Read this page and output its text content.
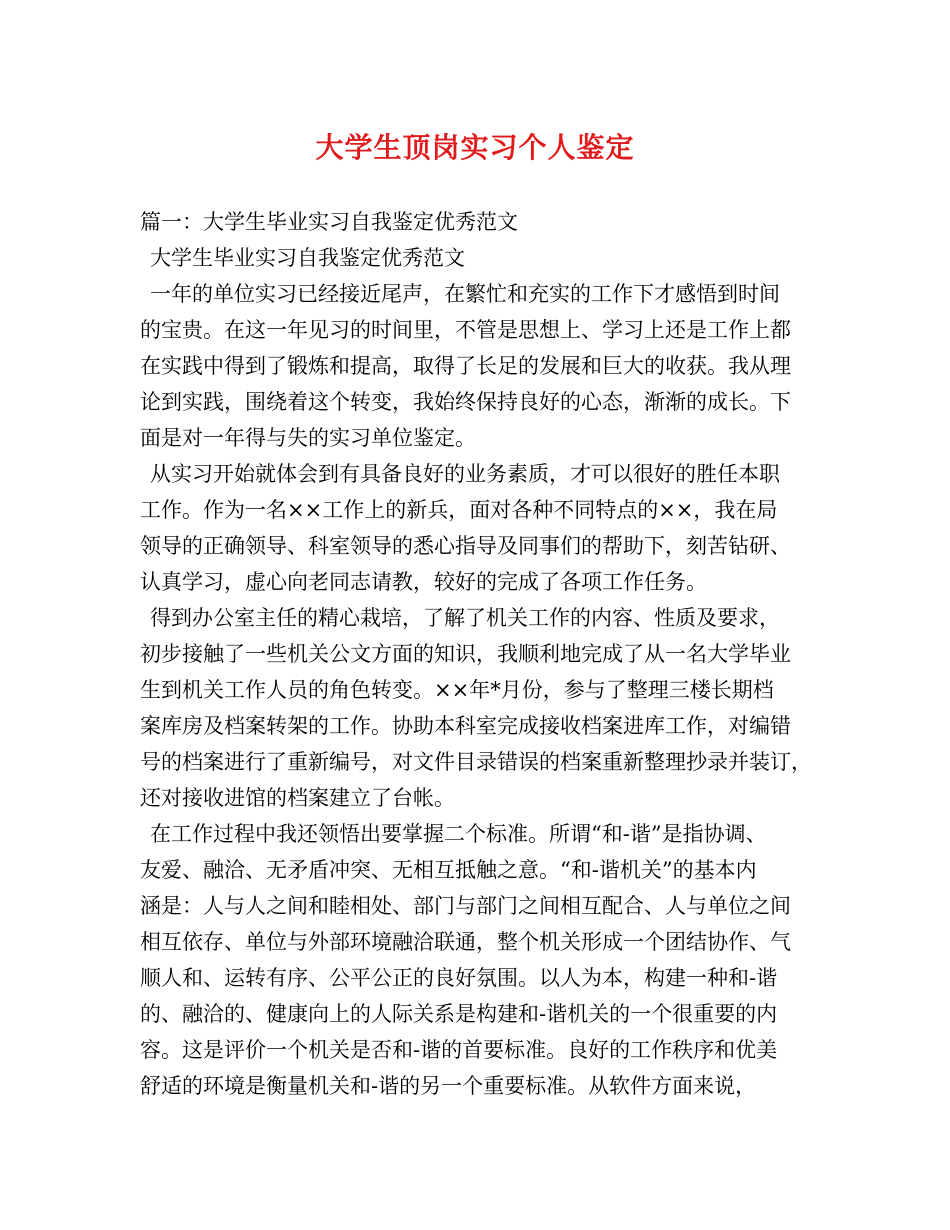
大学生顶岗实习个人鉴定
篇一：大学生毕业实习自我鉴定优秀范文
大学生毕业实习自我鉴定优秀范文
一年的单位实习已经接近尾声，在繁忙和充实的工作下才感悟到时间
的宝贵。在这一年见习的时间里，不管是思想上、学习上还是工作上都
在实践中得到了锻炼和提高，取得了长足的发展和巨大的收获。我从理
论到实践，围绕着这个转变，我始终保持良好的心态，渐渐的成长。下
面是对一年得与失的实习单位鉴定。
从实习开始就体会到有具备良好的业务素质，才可以很好的胜任本职
工作。作为一名××工作上的新兵，面对各种不同特点的××，我在局
领导的正确领导、科室领导的悉心指导及同事们的帮助下，刻苦钻研、
认真学习，虚心向老同志请教，较好的完成了各项工作任务。
得到办公室主任的精心栽培，了解了机关工作的内容、性质及要求，
初步接触了一些机关公文方面的知识，我顺利地完成了从一名大学毕业
生到机关工作人员的角色转变。××年*月份，参与了整理三楼长期档
案库房及档案转架的工作。协助本科室完成接收档案进库工作，对编错
号的档案进行了重新编号，对文件目录错误的档案重新整理抄录并装订，
还对接收进馆的档案建立了台帐。
在工作过程中我还领悟出要掌握二个标准。所谓“和-谐”是指协调、
友爱、融洽、无矛盾冲突、无相互抵触之意。“和-谐机关”的基本内
涵是：人与人之间和睦相处、部门与部门之间相互配合、人与单位之间
相互依存、单位与外部环境融洽联通，整个机关形成一个团结协作、气
顺人和、运转有序、公平公正的良好氛围。以人为本，构建一种和-谐
的、融洽的、健康向上的人际关系是构建和-谐机关的一个很重要的内
容。这是评价一个机关是否和-谐的首要标准。良好的工作秩序和优美
舒适的环境是衡量机关和-谐的另一个重要标准。从软件方面来说，
